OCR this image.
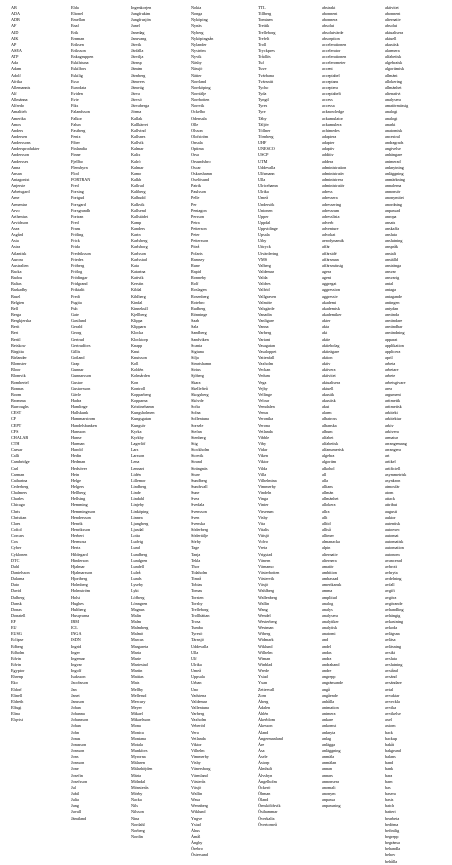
AB
ADA
ADB
AF
AID
AIK
AP
ASEA
ATP
Ada
Adam
Adolf
Afrika
Allemannis
Alf
Allmänna
Alfredo
Amaliteh
Amerika
Amos
Anders
Andersen
Anderssons
Andersprodukter
Andersson
Andersses
Anna
Ansan
Antagonist
Anjerste
Arbetsgard
Arne
Armeniar
Arvo
Arthenius
Arvidsson
Asea
Asgård
Asta
Astra
Atlantisk
Aurora
Australien
Backa
Badou
Baltas
Barkadby
Basel
Belgien
Bell
Berga
Bergkjerska
Berit
Bert
Bertil
Betskow
Birgitta
Birlander
Blomster
Bloor
Blomvik
Bombertel
Bonnas
Boom
Bromma
Burroughs
CEST
CF
CEPT
CFS
CHALAB
CTH
Caesar
Calli
Cambridge
Carl
Carman
Catharina
Cederberg
Chalmers
Charles
Chicago
Chris
Christian
Claes
Cofiol
Corcars
Cox
Cyber
Cyklonen
DTC
Dahl
Danielsson
Dalarna
Dato
David
Dalberg
Dansk
Donas
Donatell
EF
EU
EUSG
Eclipse
Edberg
Edholm
Edvin
Edvin
Egyptor
Ehrenp
Eko
Eldorf
Elinell
Eldreth
Elfugi
Elina
Elqvist
Elda
Eltonel
Emellan
Enaf
Erik
Ernman
Eriksen
Eriksson
Enkagruppen
Eskilstuna
Eskilfors
Eskilig
Esso
Eurodata
Eviden
Evie
Fiks
Falandsson
Falkor
Falun
Fastberg
Fenix
Fiber
Finlandia
Finne
Fjellbo
Flensbyrn
Flod
FORTRAN
Fred
Forsing
Fortgud
Forsgard
Forsgrandh
Fortran
Fred
Frans
Fröling
Frick
Frida
Fredriksson
Friedes
Fröberg
Frölog
Frödingar
Fridgrand
Friktalit
Fredi
Fugita
Fuh
Gate
Gastlund
Gerald
Georg
Gertrud
Gertrudfors
Gillis
Gotland
Grap
Gunnar
Gunnarsson
Gustav
Gustavsson
Gävle
Hadra
Hamlinge
Hallskunk
Hammarstrom
Handelsbanken
Hansson
Hanse
Harman
Harold
Hedin
Hedman
Hedsöver
Hein
Helge
Helgers
Hellberg
Hellsing
Hemming
Hemmingsson
Hendersson
Henrik
Henriksson
Herbert
Hermosa
Hertz
Hildegard
Hinderson
Hjalmar
Hjalmarsson
Hjortberg
Holmberg
Holmström
Holst
Hughes
Hultberg
Husqvarna
IBM
ICL
INGA
ISDN
Ingrid
Inger
Ingemar
Ingvar
Ingolf
Isaksson
Jacobsson
Jan
Janet
Jansson
Johan
Johanna
Johansson
Johan
John
Jonas
Jonasson
Jonsson
Jons
Jonsson
Jone
Josefin
Josefsson
Jul
Jubil
Julia
Jung
Juvall
Jämtland
Ingenkorjen
Jungfrukim
Jungfrusjön
Junel
Janedag
Jansvang
Järvik
Järfälla
Järvilja
Järnsp
Jämtm
Järnberg
Jämvers
Jämväg
Järva
Järvsö
Järvaberga
Jörma
Kallak
Kallkärret
Kallvind
Kallsnes
Kallvik
Kalmar
Kalix
Kalrö
Kalmar
Kamo
Kalkb
Kallrud
Kaliberg
Kalbudd
Kalkvik
Kallsend
Kallstädet
Kamp
Kanders
Karin
Karlsberg
Karlsborg
Karlsson
Karlsstad
Kata
Katarina
Kattvik
Kerstin
Kildal
Kihlberg
Kindal
Kinnekull
Kjellberg
Klippa
Klipparn
Klocka
Klocktorp
Knapp
Knut
Knutsson
Koll
Koldén
Kolmården
Kon
Kontroll
Kopparberg
Kopparna
Kristinehamn
Kungsholmen
Kungsgatan
Kungsör
Kyrka
Kyrkby
Lagerlöf
Lars
Larsson
Lena
Lennart
Lidén
Lillemor
Lindberg
Linde
Lindahl
Linjeby
Linköping
Linnea
Ljungberg
Ljusdal
Lotta
Ludvig
Lund
Lundberg
Lundgren
Lundell
Luleå
Lunds
Lyseby
Lykt
Löfberg
Lönngren
Magnus
Malin
Malm
Malmberg
Malmö
Marcus
Margareta
Maria
Marie
Mariestad
Martin
Mattias
Mats
Mellby
Mellerud
Mercury
Meyer
Mikael
Mikaelsson
Mona
Monica
Montana
Motala
Munkfors
Myrorna
Mälaren
Mälarhöjden
Märta
Mölndal
Mönsterås
Mörby
Nacka
Nils
Nilsson
Nina
Nordahl
Norberg
Nordin
Nokia
Nonga
Nyköping
Nynäs
Nyberg
Nyköpingsån
Nylander
Nyström
Nyvik
Näsby
Nässjö
Nätter
Norrland
Norrköping
Norrtälje
Norrbotten
Norrvik
Ockelbo
Odensala
Olle
Olsson
Olofström
Onsala
Optima
Orsa
Orsundsbro
Oscar
Oskarshamn
Oxelösund
Patrik
Paulsson
Pelle
Per
Pentagon
Persson
Petra
Petterson
Peter
Pettersson
Piteå
Polaris
Ramsey
Rune
Rapid
Ronneby
Rolf
Roslagen
Rosenberg
Rotebro
Rudberg
Rönninge
Saab
Sala
Sandberg
Sandviken
Scania
Sigtuna
Silja
Simrishamn
Sirius
Sjöberg
Skara
Skellefteå
Skogsberg
Skövde
Sofia
Solna
Sollentuna
Sorsele
Stefan
Stenberg
Stig
Stockholm
Storvik
Strand
Strängnäs
Sture
Sundberg
Sundsvall
Sune
Svea
Svedala
Svensson
Sven
Svenska
Söderberg
Södertälje
Sörby
Tage
Tanja
Tekla
Thor
Tidaholm
Timrå
Tobias
Tomas
Torsten
Torsby
Trelleborg
Trollhättan
Trosa
Tumba
Tyresö
Tärnsjö
Uddevalla
Ulla
Ulf
Ulrika
Umeå
Uppsala
Urban
Uno
Vadstena
Valdemar
Vallentuna
Varberg
Vaxholm
Veberöd
Vera
Vetlanda
Viktor
Vilhelm
Vimmerby
Visby
Vänersborg
Värmland
Västerås
Växjö
Wallin
Wasa
Wennberg
Wiklund
Yngve
Ystad
Åhus
Åmål
Ängby
Örebro
Östersund
TTL
Tillberg
Tomtaen
Trettik
Trelleborg
Trefelt
Troll
Tryckpres
Trådlös
Tuf
Tuve
Tvärbana
Tvärsnitt
Tycho
Tyda
Tyngd
Tyres
Tyre
Täby
Täljöv
Töllner
Törnberg
UHF
UNESCO
USCP
UTM
Uddevalla
Ulfsmann
Ulla
Ulricehamn
Ulrika
Umeå
Undersök
Unionen
Upper
Uppdal
Uppvidinge
Upsala
Utby
Uttryck
Utvärdering
VMS
Valberg
Valdemar
Valda
Valdres
Valfrid
Vallgraven
Valmöte
Valsgärde
Vanadin
Vanligare
Vanna
Varberg
Variant
Vasagatan
Vasaloppet
Vattenfall
Vaxholm
Veckan
Vedum
Vega
Vejby
Vellinge
Velour
Vemdalen
Venus
Veronika
Verona
Vetlanda
Vibble
Viby
Vidar
Viken
Viktor
Vilda
Villa
Vilhelmina
Vimmerby
Vindeln
Vinga
Vinter
Virserum
Visby
Vita
Vitalis
Vittsjö
Volvo
Vreta
Vrigstad
Vänern
Värnamo
Västerbotten
Västervik
Växjö
Wahlberg
Wallenberg
Wallin
Wang
Wendel
Westerberg
Westman
Wiberg
Widmark
Wiklund
Wilhelm
Wiman
Winblad
Wrede
Ystad
Yxan
Zettervall
Zorn
Åberg
Ådalen
Åhlén
Åkerblom
Åkesson
Åland
Ångermanland
Åre
Åsa
Åsele
Åstorp
Älmhult
Älvsbyn
Ängelholm
Öckerö
Öhman
Öland
Örnsköldsvik
Östhammar
Överkalix
Övertorneå
abstrakt
abonnent
abonnera
absolut
absolutvärde
absorption
accelerationen
accelerator
accelerationen
accelerometer
accent
acceptabel
acceptans
acceptera
acceptabelt
access
accessa
acknowledge
ackumulator
ackumulera
achimedes
adaptera
adapter
adaptiv
additiv
addera
administration
administrativ
administrera
administratör
adress
adressera
adressering
adressrum
adresslista
adverb
adventure
advokat
aerodynamik
affär
affärsidé
affärsman
affärsmässig
agera
agent
aggregat
aggression
aggressiv
akademi
akademisk
akademiker
akter
akta
akt
aktie
aktiebolag
aktieägare
aktion
aktiv
aktivera
aktivitet
aktualisera
aktuell
akustik
akustisk
akut
alarm
albatross
albanska
album
alfabet
alfabetisk
alfanumerisk
algebra
algoritm
alkohol
all
alla
allians
allmän
allmänhet
allokera
allra
allt
alltid
alltså
alltmer
almanacka
alpin
alternativ
alternera
amatör
ambition
ambassad
amerikansk
amma
amplitud
analog
analys
analysera
analytiker
analytisk
anatomi
and
andel
andas
andra
andrahand
andre
angrepp
angränsande
angå
angående
anhålla
animation
animera
ankare
ankomst
anknyta
anlag
anlägga
anläggning
anmäla
anmälan
annan
annars
annonsera
anomali
anonym
anpassa
anpassning
aktivitet
abonnent
alternativ
absolut
aktualisera
aktuell
akustisk
alarmera
alfabetisk
algebraisk
algoritmisk
allmänt
allokering
allmänhet
altenativt
analysera
amatörmässig
analogi
analogt
anarki
anatomisk
ancestral
andragrads
angivelse
anhängare
animerad
anknytning
anläggning
anmärkning
annalerna
annonsör
anonymitet
anordning
anpassad
anropa
ansats
anskaffa
ansluta
anslutning
anspråk
anstalt
anställd
anstränga
ansvar
ansvarig
antal
antaga
antagande
antingen
antydan
använda
användare
användbar
användning
apparat
applikation
applicera
april
arbeta
arbetare
arbete
arbetsgivare
area
argument
aritmetik
aritmetisk
arkitekt
arkitektur
arkiv
arkivera
armatur
arrangemang
arrangera
art
artikel
artificiell
asymmetrisk
asynkron
atmosfär
atom
attack
attribut
augusti
auktor
autentisk
autoexec
automat
automatisk
automation
autonom
avancerad
avbrott
avbryta
avdelning
avfall
avgift
avgöra
avgörande
avhandling
avhängig
avkastning
avkoda
avlägsna
avläsa
avläsning
avsikt
avsluta
avslutning
avstånd
avsänd
avsändare
avtal
avvaktar
avveckla
avvika
avvikelse
axel
axiom
back
backup
bakåt
bakgrund
balans
band
bank
bara
barn
bas
basera
basis
batch
batteri
bearbeta
bedöma
befintlig
begrepp
begränsa
behandla
behov
behålla
